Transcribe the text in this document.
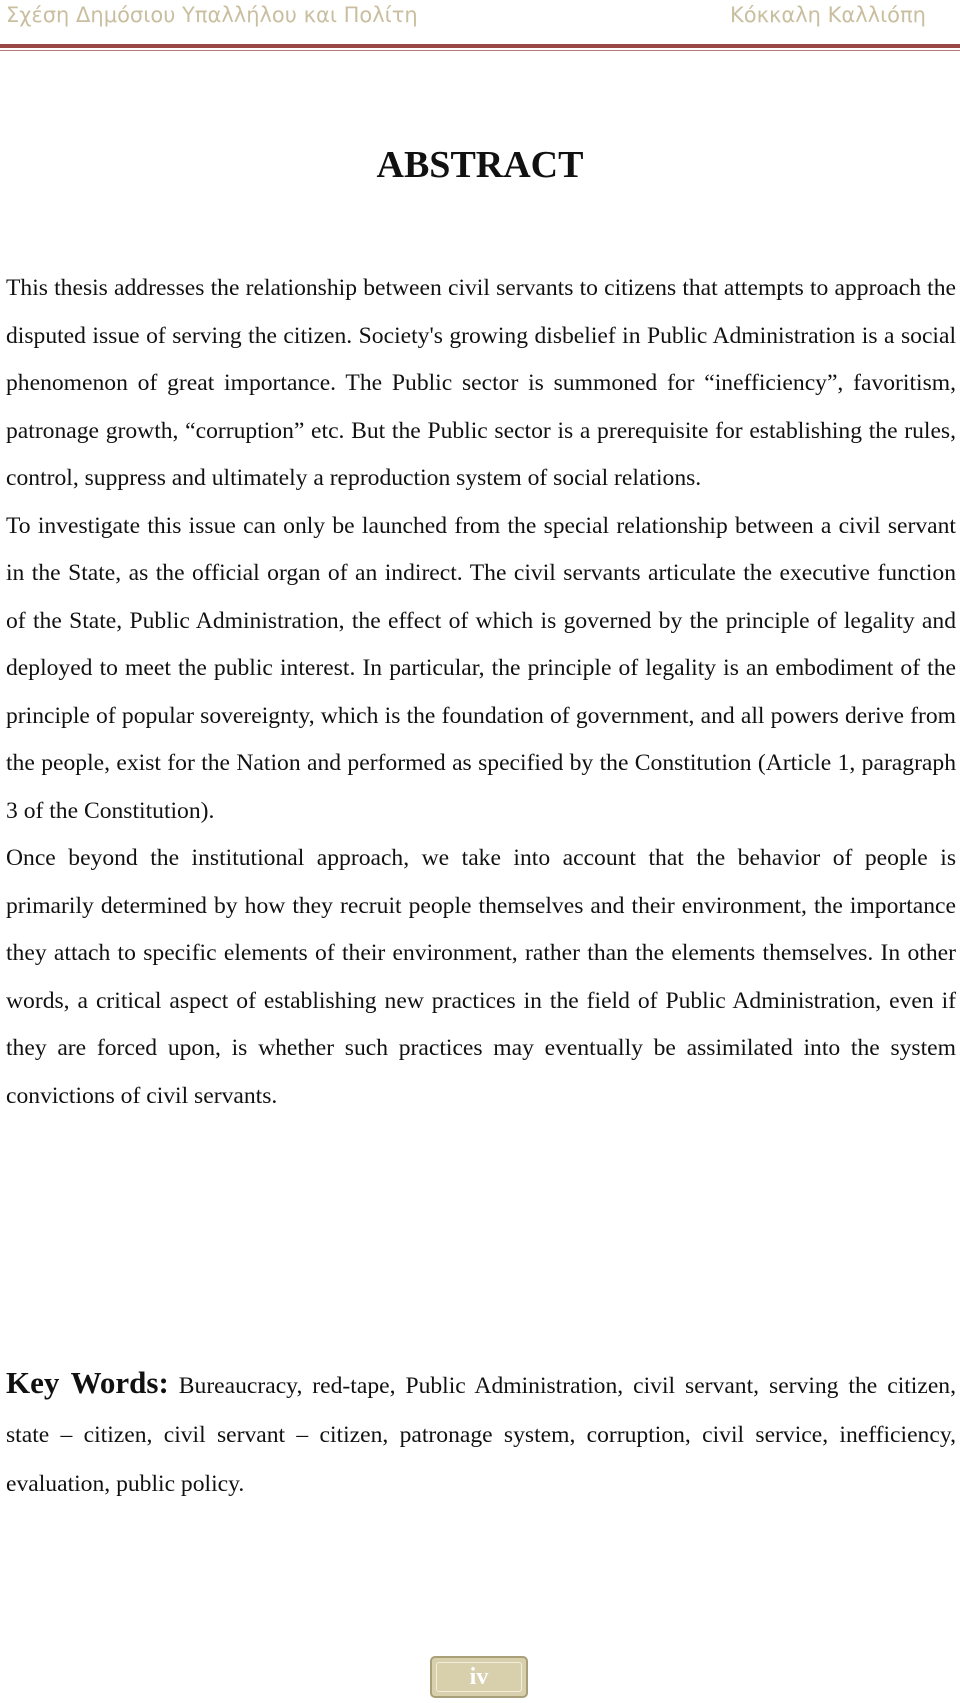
Σχέση Δημόσιου Υπαλλήλου και Πολίτη	Κόκκαλη Καλλιόπη
ABSTRACT

This thesis addresses the relationship between civil servants to citizens that attempts to approach the disputed issue of serving the citizen. Society's growing disbelief in Public Administration is a social phenomenon of great importance. The Public sector is summoned for “inefficiency”, favoritism, patronage growth, “corruption” etc. But the Public sector is a prerequisite for establishing the rules, control, suppress and ultimately a reproduction system of social relations.

To investigate this issue can only be launched from the special relationship between a civil servant in the State, as the official organ of an indirect. The civil servants articulate the executive function of the State, Public Administration, the effect of which is governed by the principle of legality and deployed to meet the public interest. In particular, the principle of legality is an embodiment of the principle of popular sovereignty, which is the foundation of government, and all powers derive from the people, exist for the Nation and performed as specified by the Constitution (Article 1, paragraph 3 of the Constitution).

Once beyond the institutional approach, we take into account that the behavior of people is primarily determined by how they recruit people themselves and their environment, the importance they attach to specific elements of their environment, rather than the elements themselves. In other words, a critical aspect of establishing new practices in the field of Public Administration, even if they are forced upon, is whether such practices may eventually be assimilated into the system convictions of civil servants.

Key Words: Bureaucracy, red-tape, Public Administration, civil servant, serving the citizen, state – citizen, civil servant – citizen, patronage system, corruption, civil service, inefficiency, evaluation, public policy.

iv
